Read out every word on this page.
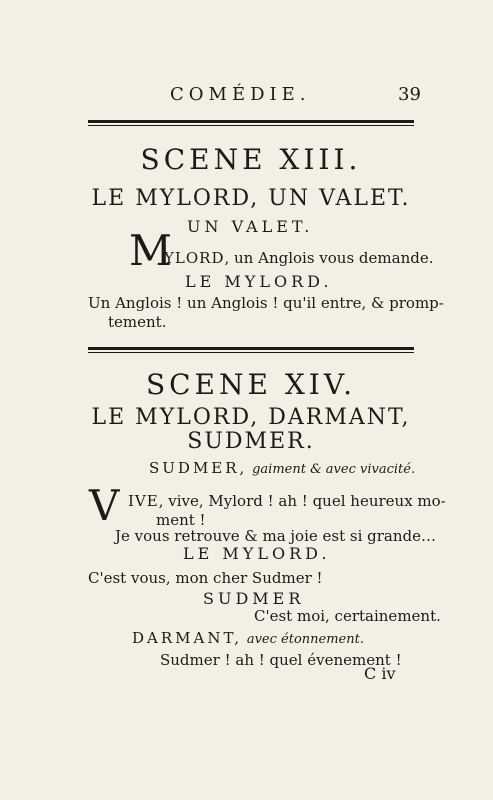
COMÉDIE.	39
SCENE XIII.
LE MYLORD, UN VALET.
UN VALET.
M
YLORD, un Anglois vous demande.
LE MYLORD.
Un Anglois ! un Anglois ! qu'il entre, & promp-
tement.
SCENE XIV.
LE MYLORD, DARMANT,
SUDMER.
SUDMER, gaiment & avec vivacité.
V IVE, vive, Mylord ! ah ! quel heureux mo-
ment !
Je vous retrouve & ma joie est si grande…
LE MYLORD.
C'est vous, mon cher Sudmer !
SUDMER
C'est moi, certainement.
DARMANT, avec étonnement.
Sudmer ! ah ! quel évenement !
C iv
